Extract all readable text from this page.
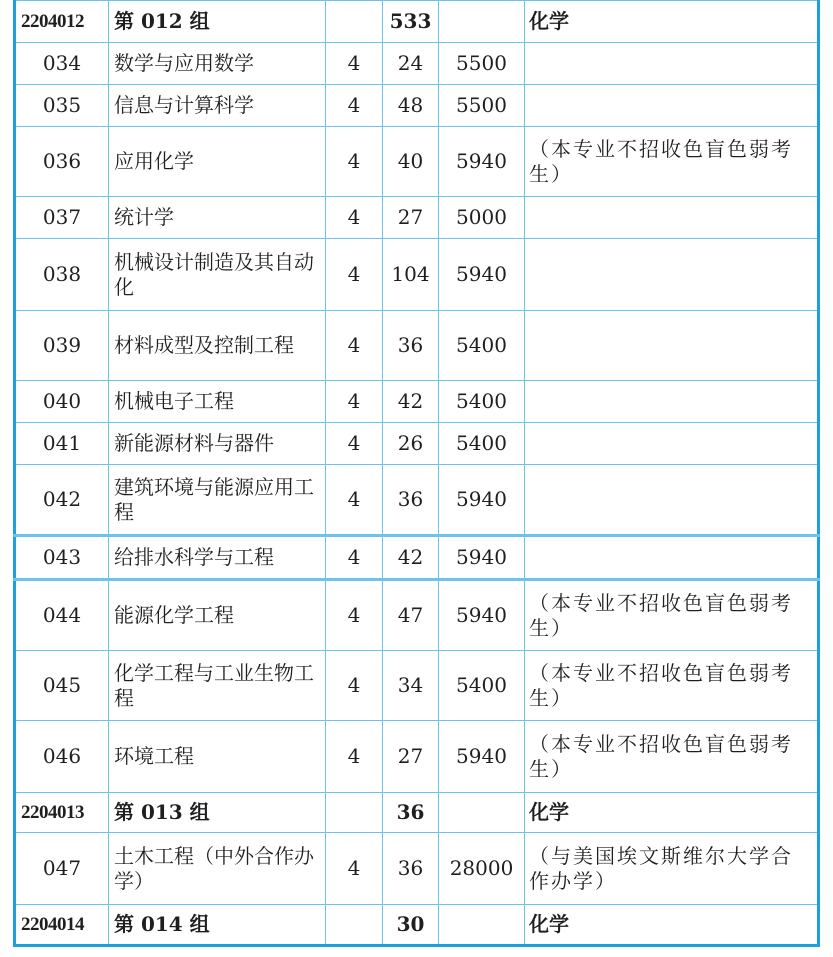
2204012	第 012 组		533		化学
034	数学与应用数学	4	24	5500	
035	信息与计算科学	4	48	5500	
036	应用化学	4	40	5940	（本专业不招收色盲色弱考生）
037	统计学	4	27	5000	
038	机械设计制造及其自动化	4	104	5940	
039	材料成型及控制工程	4	36	5400	
040	机械电子工程	4	42	5400	
041	新能源材料与器件	4	26	5400	
042	建筑环境与能源应用工程	4	36	5940	
043	给排水科学与工程	4	42	5940	
044	能源化学工程	4	47	5940	（本专业不招收色盲色弱考生）
045	化学工程与工业生物工程	4	34	5400	（本专业不招收色盲色弱考生）
046	环境工程	4	27	5940	（本专业不招收色盲色弱考生）
2204013	第 013 组		36		化学
047	土木工程（中外合作办学）	4	36	28000	（与美国埃文斯维尔大学合作办学）
2204014	第 014 组		30		化学
